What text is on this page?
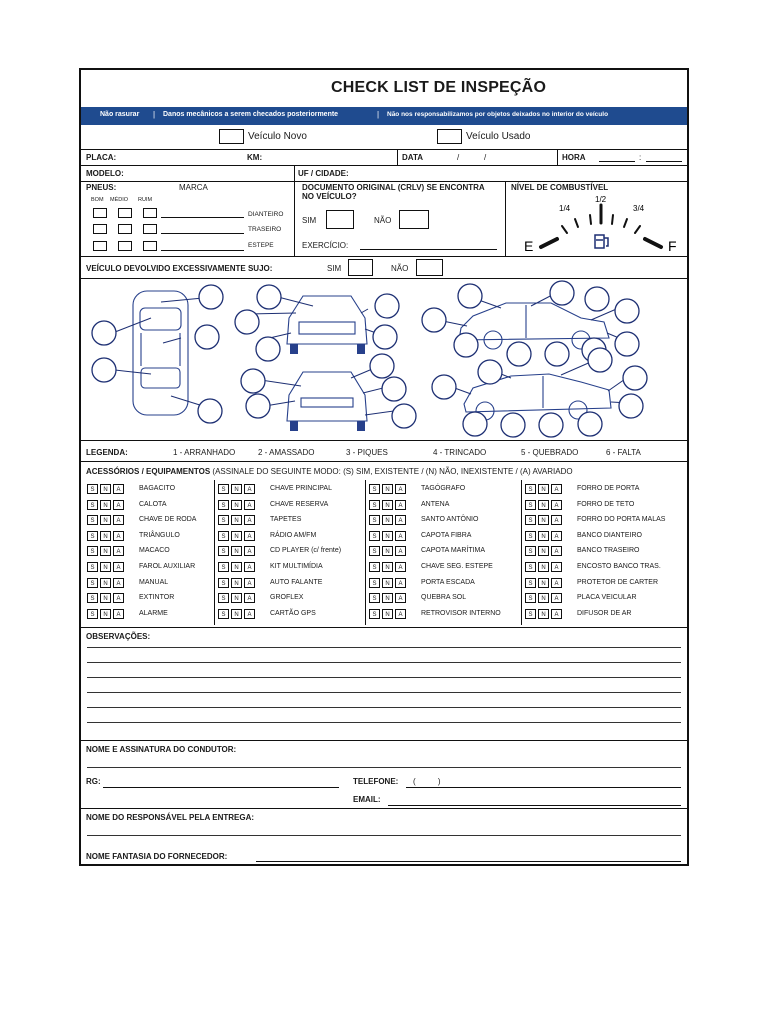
CHECK LIST DE INSPEÇÃO
Não rasurar | Danos mecânicos a serem checados posteriormente	| Não nos responsabilizamos por objetos deixados no interior do veículo
Veículo Novo	Veículo Usado
PLACA:	KM:	DATA	/	/	HORA	:
MODELO:	UF / CIDADE:
PNEUS:	MARCA
BOM MÉDIO RUIM
DIANTEIRO
TRASEIRO
ESTEPE
DOCUMENTO ORIGINAL (CRLV) SE ENCONTRA NO VEÍCULO?
SIM	NÃO
EXERCÍCIO:
NÍVEL DE COMBUSTÍVEL
1/4
1/2
3/4
E	F
VEÍCULO DEVOLVIDO EXCESSIVAMENTE SUJO:	SIM	NÃO
LEGENDA:	1 - ARRANHADO	2 - AMASSADO	3 - PIQUES	4 - TRINCADO	5 - QUEBRADO	6 - FALTA
ACESSÓRIOS / EQUIPAMENTOS (ASSINALE DO SEGUINTE MODO: (S) SIM, EXISTENTE / (N) NÃO, INEXISTENTE / (A) AVARIADO
S	N	A	BAGACITO
S	N	A	CALOTA
S	N	A	CHAVE DE RODA
S	N	A	TRIÂNGULO
S	N	A	MACACO
S	N	A	FAROL AUXILIAR
S	N	A	MANUAL
S	N	A	EXTINTOR
S	N	A	ALARME
S	N	A	CHAVE PRINCIPAL
S	N	A	CHAVE RESERVA
S	N	A	TAPETES
S	N	A	RÁDIO AM/FM
S	N	A	CD PLAYER (c/ frente)
S	N	A	KIT MULTIMÍDIA
S	N	A	AUTO FALANTE
S	N	A	GROFLEX
S	N	A	CARTÃO GPS
S	N	A	TAGÓGRAFO
S	N	A	ANTENA
S	N	A	SANTO ANTÔNIO
S	N	A	CAPOTA FIBRA
S	N	A	CAPOTA MARÍTIMA
S	N	A	CHAVE SEG. ESTEPE
S	N	A	PORTA ESCADA
S	N	A	QUEBRA SOL
S	N	A	RETROVISOR INTERNO
S	N	A	FORRO DE PORTA
S	N	A	FORRO DE TETO
S	N	A	FORRO DO PORTA MALAS
S	N	A	BANCO DIANTEIRO
S	N	A	BANCO TRASEIRO
S	N	A	ENCOSTO BANCO TRAS.
S	N	A	PROTETOR DE CARTER
S	N	A	PLACA VEICULAR
S	N	A	DIFUSOR DE AR
OBSERVAÇÕES:
NOME E ASSINATURA DO CONDUTOR:
RG:	TELEFONE: (          )
EMAIL:
NOME DO RESPONSÁVEL PELA ENTREGA:
NOME FANTASIA DO FORNECEDOR:
